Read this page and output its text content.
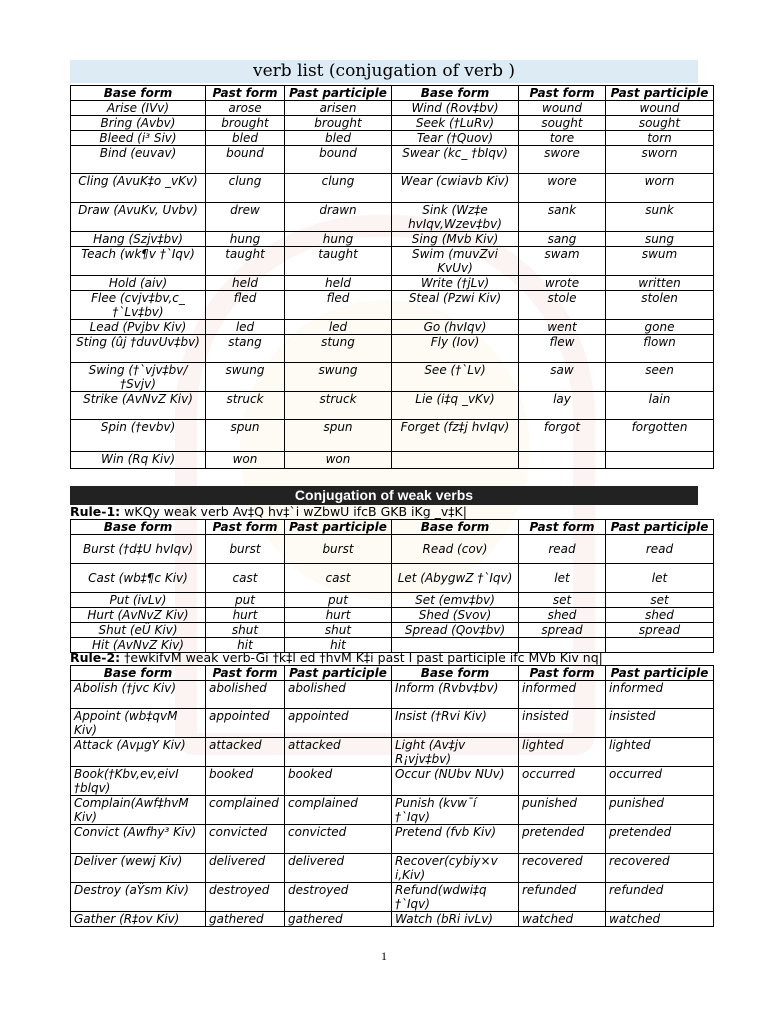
verb list (conjugation of verb )
Base form	Past form	Past participle	Base form	Past form	Past participle
Arise (IVv)	arose	arisen	Wind (Rov‡bv)	wound	wound
Bring (Avbv)	brought	brought	Seek (†LuRv)	sought	sought
Bleed (i³ Siv)	bled	bled	Tear (†Quov)	tore	torn
Bind (euvav)	bound	bound	Swear (kc_ †bIqv)	swore	sworn
Cling (AvuK‡o _vKv)	clung	clung	Wear (cwiavb Kiv)	wore	worn
Draw (AvuKv, Uvbv)	drew	drawn	Sink (Wz‡e hvIqv,Wzev‡bv)	sank	sunk
Hang (Szjv‡bv)	hung	hung	Sing (Mvb Kiv)	sang	sung
Teach (wk¶v †`Iqv)	taught	taught	Swim (muvZvi KvUv)	swam	swum
Hold (aiv)	held	held	Write (†jLv)	wrote	written
Flee (cvjv‡bv,c_ †`Lv‡bv)	fled	fled	Steal (Pzwi Kiv)	stole	stolen
Lead (Pvjbv Kiv)	led	led	Go (hvIqv)	went	gone
Sting (ûj †duvUv‡bv)	stang	stung	Fly (Iov)	flew	flown
Swing (†`vjv‡bv/†Svjv)	swung	swung	See (†`Lv)	saw	seen
Strike (AvNvZ Kiv)	struck	struck	Lie (i‡q _vKv)	lay	lain
Spin (†evbv)	spun	spun	Forget (fz‡j hvIqv)	forgot	forgotten
Win (Rq Kiv)	won	won			
Conjugation of weak verbs
Rule-1: wKQy weak verb Av‡Q hv‡`i wZbwU ifcB GKB iKg _v‡K|
Base form	Past form	Past participle	Base form	Past form	Past participle
Burst (†d‡U hvIqv)	burst	burst	Read (cov)	read	read
Cast (wb‡¶c Kiv)	cast	cast	Let (AbygwZ †`Iqv)	let	let
Put (ivLv)	put	put	Set (emv‡bv)	set	set
Hurt (AvNvZ Kiv)	hurt	hurt	Shed (Svov)	shed	shed
Shut (eÜ Kiv)	shut	shut	Spread (Qov‡bv)	spread	spread
Hit (AvNvZ Kiv)	hit	hit			
Rule-2: †ewkifvM weak verb-Gi †k‡l ed †hvM K‡i past I past participle ifc MVb Kiv nq|
Base form	Past form	Past participle	Base form	Past form	Past participle
Abolish (†jvc Kiv)	abolished	abolished	Inform (Rvbv‡bv)	informed	informed
Appoint (wb‡qvM Kiv)	appointed	appointed	Insist (†Rvi Kiv)	insisted	insisted
Attack (AvµgY Kiv)	attacked	attacked	Light (Av‡jv R¡vjv‡bv)	lighted	lighted
Book(†Kbv,ev,eivI †blqv)	booked	booked	Occur (NUbv NUv)	occurred	occurred
Complain(Awf‡hvM Kiv)	complained	complained	Punish (kvw¯í †`Iqv)	punished	punished
Convict (Awfhy³ Kiv)	convicted	convicted	Pretend (fvb Kiv)	pretended	pretended
Deliver (wewj Kiv)	delivered	delivered	Recover(cybiy×v i,Kiv)	recovered	recovered
Destroy (aŸsm Kiv)	destroyed	destroyed	Refund(wdwi‡q †`Iqv)	refunded	refunded
Gather (R‡ov Kiv)	gathered	gathered	Watch (bRi ivLv)	watched	watched
1
